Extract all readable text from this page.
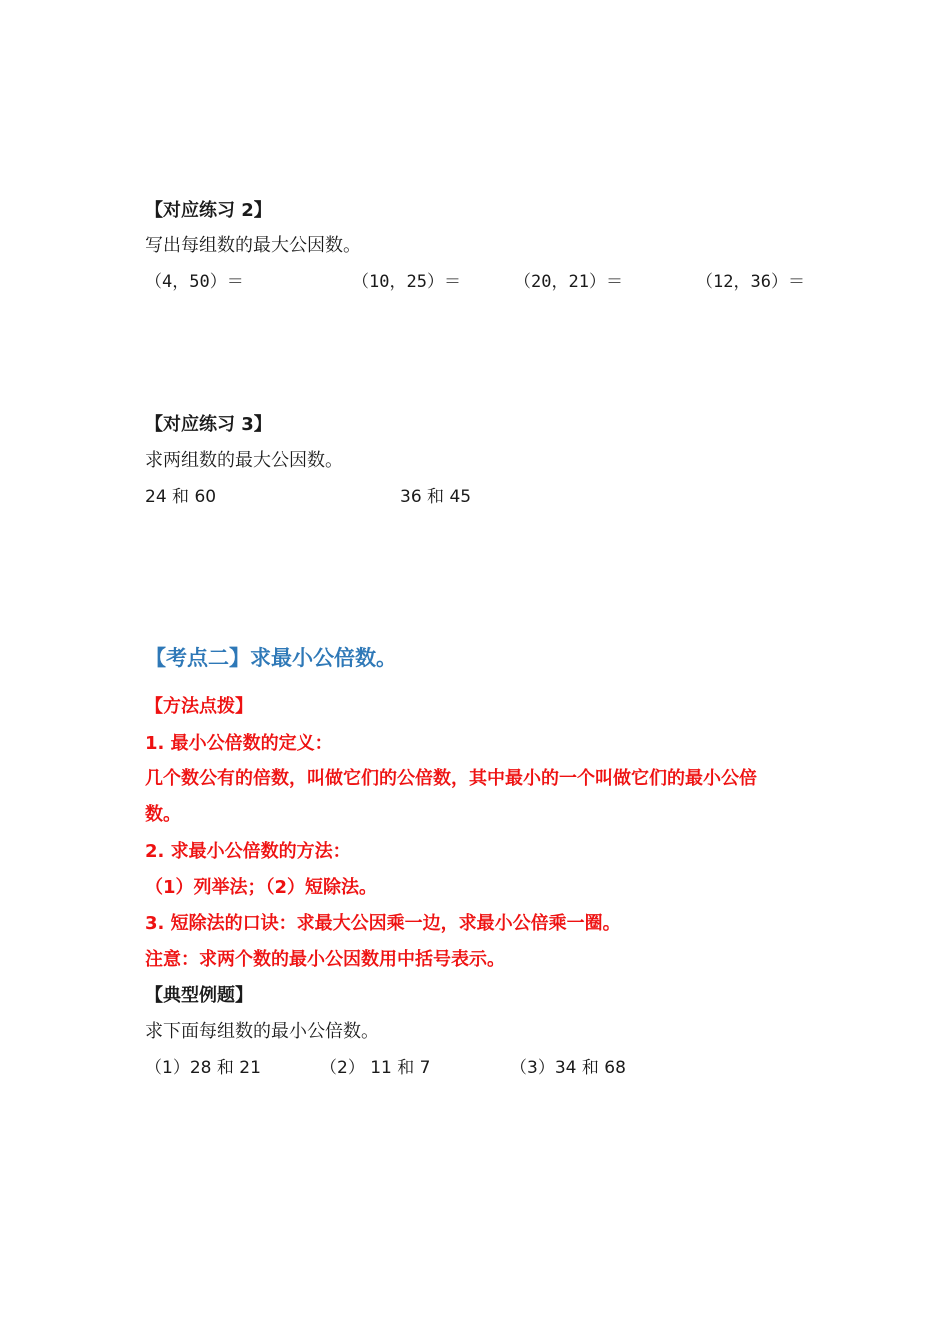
【对应练习 2】
写出每组数的最大公因数。
（4，50）＝	（10，25）＝	（20，21）＝	（12，36）＝
【对应练习 3】
求两组数的最大公因数。
24 和 60	36 和 45
【考点二】求最小公倍数。
【方法点拨】
1. 最小公倍数的定义：
几个数公有的倍数，叫做它们的公倍数，其中最小的一个叫做它们的最小公倍
数。
2. 求最小公倍数的方法：
（1）列举法；（2）短除法。
3. 短除法的口诀：求最大公因乘一边，求最小公倍乘一圈。
注意：求两个数的最小公因数用中括号表示。
【典型例题】
求下面每组数的最小公倍数。
（1）28 和 21	（2） 11 和 7	（3）34 和 68
